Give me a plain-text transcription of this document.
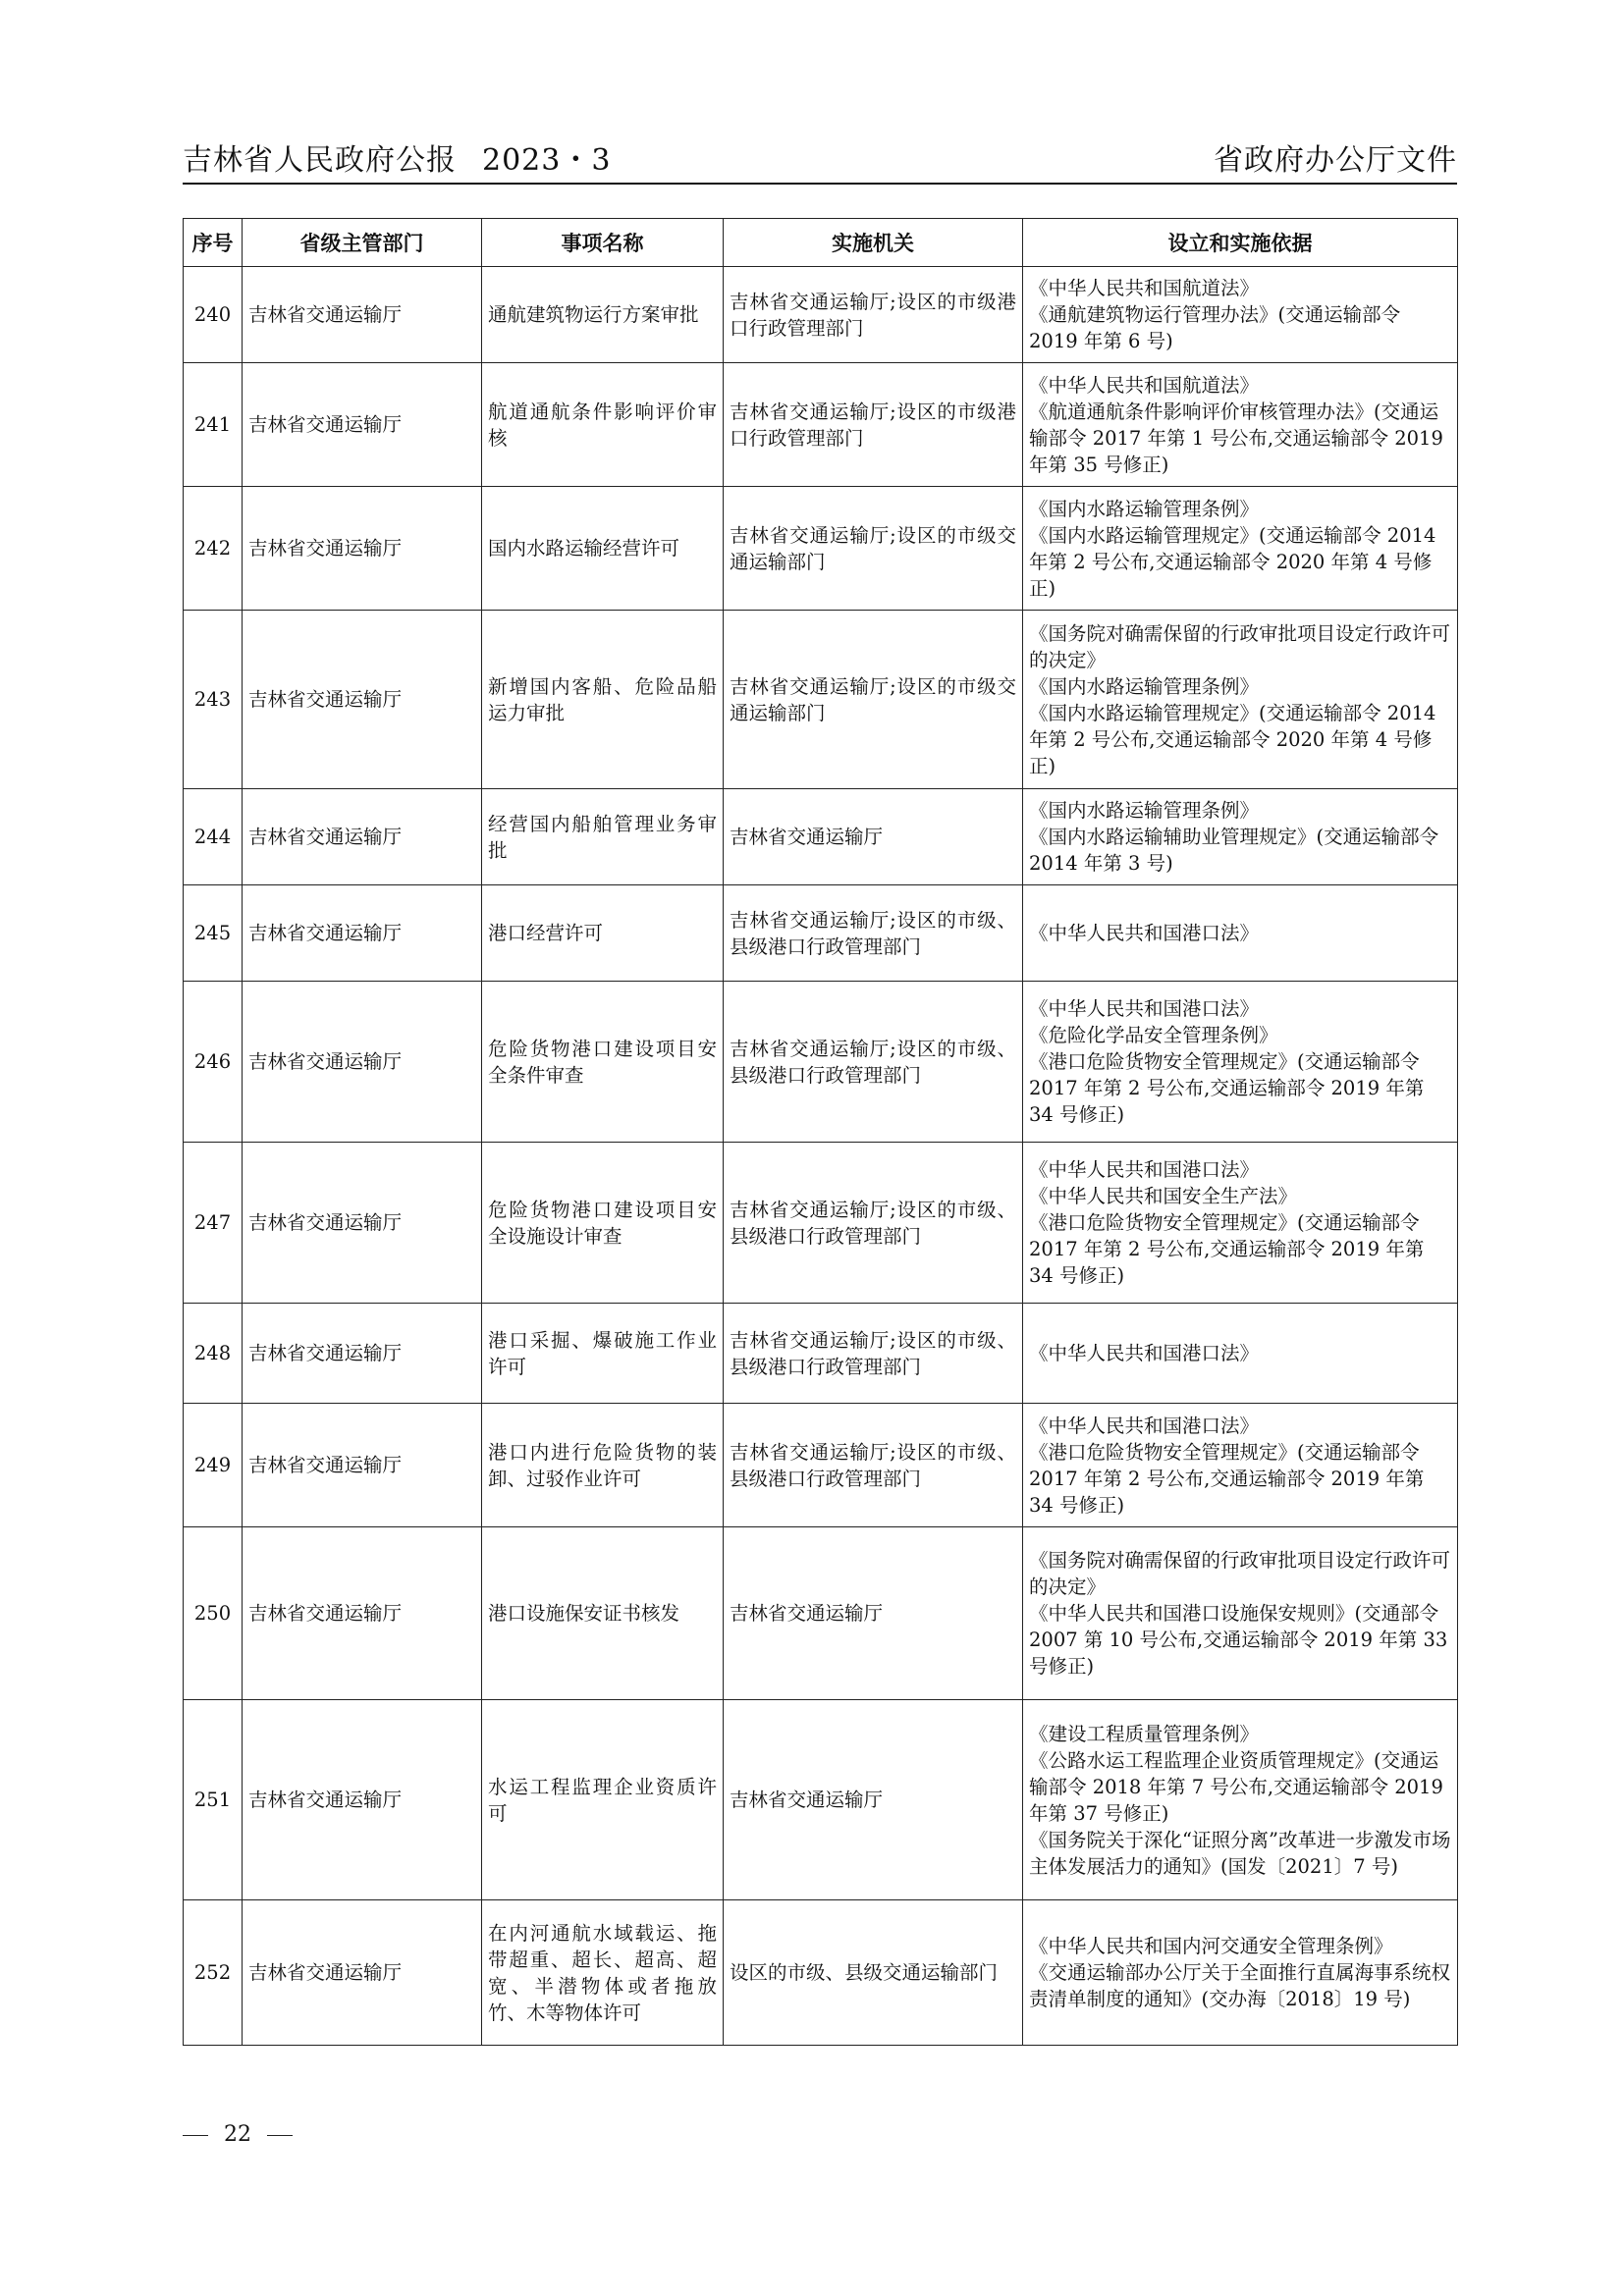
吉林省人民政府公报 2023・3	省政府办公厅文件
序号	省级主管部门	事项名称	实施机关	设立和实施依据
240	吉林省交通运输厅	通航建筑物运行方案审批	吉林省交通运输厅;设区的市级港口行政管理部门	《中华人民共和国航道法》
《通航建筑物运行管理办法》(交通运输部令 2019 年第 6 号)
241	吉林省交通运输厅	航道通航条件影响评价审核	吉林省交通运输厅;设区的市级港口行政管理部门	《中华人民共和国航道法》
《航道通航条件影响评价审核管理办法》(交通运输部令 2017 年第 1 号公布,交通运输部令 2019 年第 35 号修正)
242	吉林省交通运输厅	国内水路运输经营许可	吉林省交通运输厅;设区的市级交通运输部门	《国内水路运输管理条例》
《国内水路运输管理规定》(交通运输部令 2014 年第 2 号公布,交通运输部令 2020 年第 4 号修正)
243	吉林省交通运输厅	新增国内客船、危险品船运力审批	吉林省交通运输厅;设区的市级交通运输部门	《国务院对确需保留的行政审批项目设定行政许可的决定》
《国内水路运输管理条例》
《国内水路运输管理规定》(交通运输部令 2014 年第 2 号公布,交通运输部令 2020 年第 4 号修正)
244	吉林省交通运输厅	经营国内船舶管理业务审批	吉林省交通运输厅	《国内水路运输管理条例》
《国内水路运输辅助业管理规定》(交通运输部令 2014 年第 3 号)
245	吉林省交通运输厅	港口经营许可	吉林省交通运输厅;设区的市级、县级港口行政管理部门	《中华人民共和国港口法》
246	吉林省交通运输厅	危险货物港口建设项目安全条件审查	吉林省交通运输厅;设区的市级、县级港口行政管理部门	《中华人民共和国港口法》
《危险化学品安全管理条例》
《港口危险货物安全管理规定》(交通运输部令 2017 年第 2 号公布,交通运输部令 2019 年第 34 号修正)
247	吉林省交通运输厅	危险货物港口建设项目安全设施设计审查	吉林省交通运输厅;设区的市级、县级港口行政管理部门	《中华人民共和国港口法》
《中华人民共和国安全生产法》
《港口危险货物安全管理规定》(交通运输部令 2017 年第 2 号公布,交通运输部令 2019 年第 34 号修正)
248	吉林省交通运输厅	港口采掘、爆破施工作业许可	吉林省交通运输厅;设区的市级、县级港口行政管理部门	《中华人民共和国港口法》
249	吉林省交通运输厅	港口内进行危险货物的装卸、过驳作业许可	吉林省交通运输厅;设区的市级、县级港口行政管理部门	《中华人民共和国港口法》
《港口危险货物安全管理规定》(交通运输部令 2017 年第 2 号公布,交通运输部令 2019 年第 34 号修正)
250	吉林省交通运输厅	港口设施保安证书核发	吉林省交通运输厅	《国务院对确需保留的行政审批项目设定行政许可的决定》
《中华人民共和国港口设施保安规则》(交通部令 2007 第 10 号公布,交通运输部令 2019 年第 33 号修正)
251	吉林省交通运输厅	水运工程监理企业资质许可	吉林省交通运输厅	《建设工程质量管理条例》
《公路水运工程监理企业资质管理规定》(交通运输部令 2018 年第 7 号公布,交通运输部令 2019 年第 37 号修正)
《国务院关于深化“证照分离”改革进一步激发市场主体发展活力的通知》(国发〔2021〕7 号)
252	吉林省交通运输厅	在内河通航水域载运、拖带超重、超长、超高、超宽、半潜物体或者拖放竹、木等物体许可	设区的市级、县级交通运输部门	《中华人民共和国内河交通安全管理条例》
《交通运输部办公厅关于全面推行直属海事系统权责清单制度的通知》(交办海〔2018〕19 号)
22
